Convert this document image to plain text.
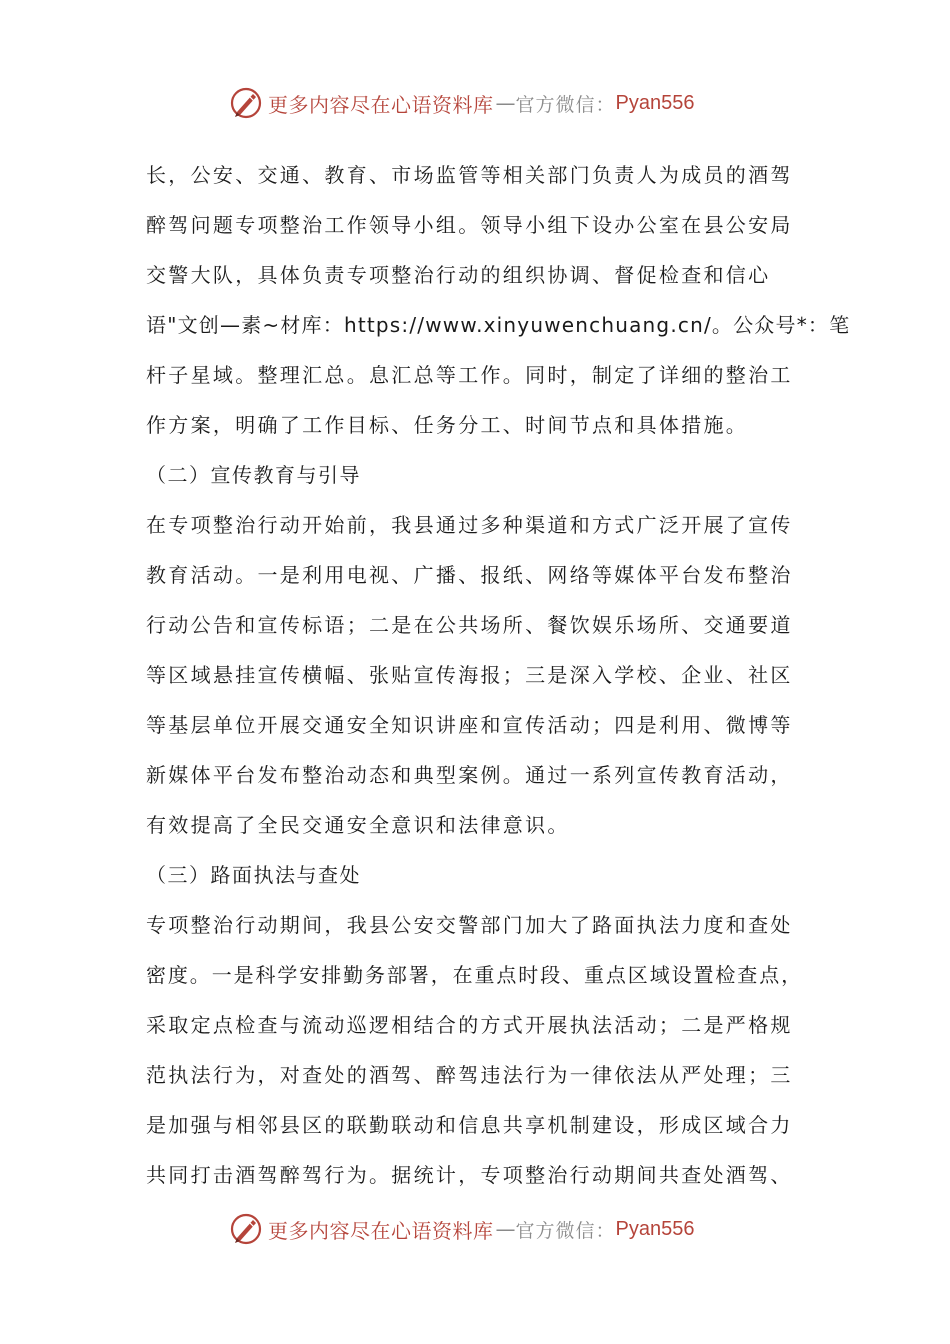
更多内容尽在心语资料库 — 官方微信： Pyan556
长，公安、交通、教育、市场监管等相关部门负责人为成员的酒驾
醉驾问题专项整治工作领导小组。领导小组下设办公室在县公安局
交警大队，具体负责专项整治行动的组织协调、督促检查和信心
语"文创—素~材库：https://www.xinyuwenchuang.cn/。公众号*：笔
杆子星域。整理汇总。息汇总等工作。同时，制定了详细的整治工
作方案，明确了工作目标、任务分工、时间节点和具体措施。
（二）宣传教育与引导
在专项整治行动开始前，我县通过多种渠道和方式广泛开展了宣传
教育活动。一是利用电视、广播、报纸、网络等媒体平台发布整治
行动公告和宣传标语；二是在公共场所、餐饮娱乐场所、交通要道
等区域悬挂宣传横幅、张贴宣传海报；三是深入学校、企业、社区
等基层单位开展交通安全知识讲座和宣传活动；四是利用、微博等
新媒体平台发布整治动态和典型案例。通过一系列宣传教育活动，
有效提高了全民交通安全意识和法律意识。
（三）路面执法与查处
专项整治行动期间，我县公安交警部门加大了路面执法力度和查处
密度。一是科学安排勤务部署，在重点时段、重点区域设置检查点，
采取定点检查与流动巡逻相结合的方式开展执法活动；二是严格规
范执法行为，对查处的酒驾、醉驾违法行为一律依法从严处理；三
是加强与相邻县区的联勤联动和信息共享机制建设，形成区域合力
共同打击酒驾醉驾行为。据统计，专项整治行动期间共查处酒驾、
更多内容尽在心语资料库 — 官方微信： Pyan556
